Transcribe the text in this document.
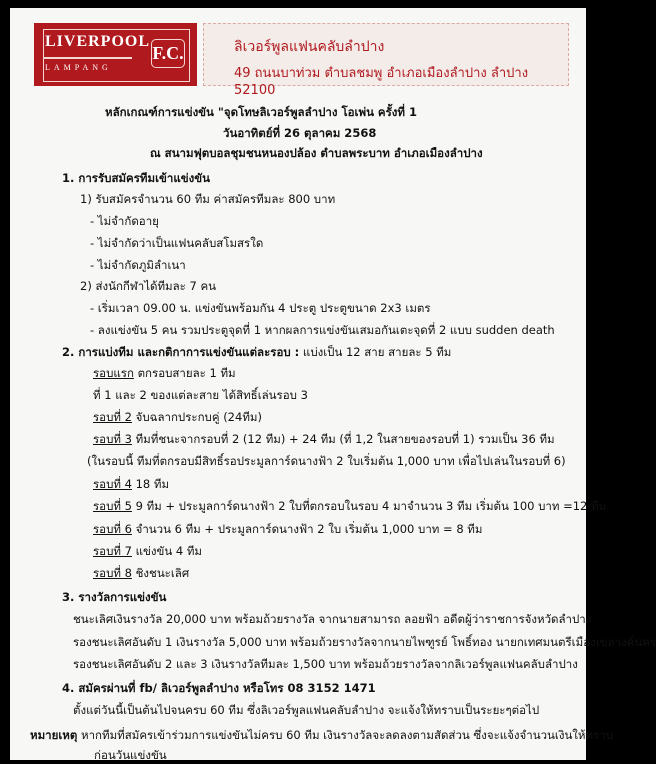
LIVERPOOL
LAMPANG
F.C.	ลิเวอร์พูลแฟนคลับลำปาง
49 ถนนบาท่วม ตำบลชมพู อำเภอเมืองลำปาง ลำปาง 52100
หลักเกณฑ์การแข่งขัน "จุดโทษลิเวอร์พูลลำปาง โอเพ่น ครั้งที่ 1
วันอาทิตย์ที่ 26 ตุลาคม 2568
ณ สนามฟุตบอลชุมชนหนองปล้อง ตำบลพระบาท อำเภอเมืองลำปาง
1. การรับสมัครทีมเข้าแข่งขัน
1) รับสมัครจำนวน 60 ทีม ค่าสมัครทีมละ 800 บาท
- ไม่จำกัดอายุ
- ไม่จำกัดว่าเป็นแฟนคลับสโมสรใด
- ไม่จำกัดภูมิลำเนา
2) ส่งนักกีฬาได้ทีมละ 7 คน
- เริ่มเวลา 09.00 น. แข่งขันพร้อมกัน 4 ประตู ประตูขนาด 2x3 เมตร
- ลงแข่งขัน 5 คน รวมประตูจุดที่ 1 หากผลการแข่งขันเสมอกันเตะจุดที่ 2 แบบ sudden death
2. การแบ่งทีม และกติกาการแข่งขันแต่ละรอบ : แบ่งเป็น 12 สาย สายละ 5 ทีม
รอบแรก ตกรอบสายละ 1 ทีม
ที่ 1 และ 2 ของแต่ละสาย ได้สิทธิ์เล่นรอบ 3
รอบที่ 2 จับฉลากประกบคู่ (24ทีม)
รอบที่ 3 ทีมที่ชนะจากรอบที่ 2 (12 ทีม) + 24 ทีม (ที่ 1,2 ในสายของรอบที่ 1) รวมเป็น 36 ทีม
(ในรอบนี้ ทีมที่ตกรอบมีสิทธิ์รอประมูลการ์ดนางฟ้า 2 ใบเริ่มต้น 1,000 บาท เพื่อไปเล่นในรอบที่ 6)
รอบที่ 4 18 ทีม
รอบที่ 5 9 ทีม + ประมูลการ์ดนางฟ้า 2 ใบที่ตกรอบในรอบ 4 มาจำนวน 3 ทีม เริ่มต้น 100 บาท =12 ทีม
รอบที่ 6 จำนวน 6 ทีม + ประมูลการ์ดนางฟ้า 2 ใบ เริ่มต้น 1,000 บาท = 8 ทีม
รอบที่ 7 แข่งขัน 4 ทีม
รอบที่ 8 ชิงชนะเลิศ
3. รางวัลการแข่งขัน
ชนะเลิศเงินรางวัล 20,000 บาท พร้อมถ้วยรางวัล จากนายสามารถ ลอยฟ้า อดีตผู้ว่าราชการจังหวัดลำปาง
รองชนะเลิศอันดับ 1 เงินรางวัล 5,000 บาท พร้อมถ้วยรางวัลจากนายไพฑูรย์ โพธิ์ทอง นายกเทศมนตรีเมืองเขลางค์นคร
รองชนะเลิศอันดับ 2 และ 3 เงินรางวัลทีมละ 1,500 บาท พร้อมถ้วยรางวัลจากลิเวอร์พูลแฟนคลับลำปาง
4. สมัครผ่านที่ fb/ ลิเวอร์พูลลำปาง หรือโทร 08 3152 1471
ตั้งแต่วันนี้เป็นต้นไปจนครบ 60 ทีม ซึ่งลิเวอร์พูลแฟนคลับลำปาง จะแจ้งให้ทราบเป็นระยะๆต่อไป
หมายเหตุ หากทีมที่สมัครเข้าร่วมการแข่งขันไม่ครบ 60 ทีม เงินรางวัลจะลดลงตามสัดส่วน ซึ่งจะแจ้งจำนวนเงินให้ทราบ
ก่อนวันแข่งขัน
